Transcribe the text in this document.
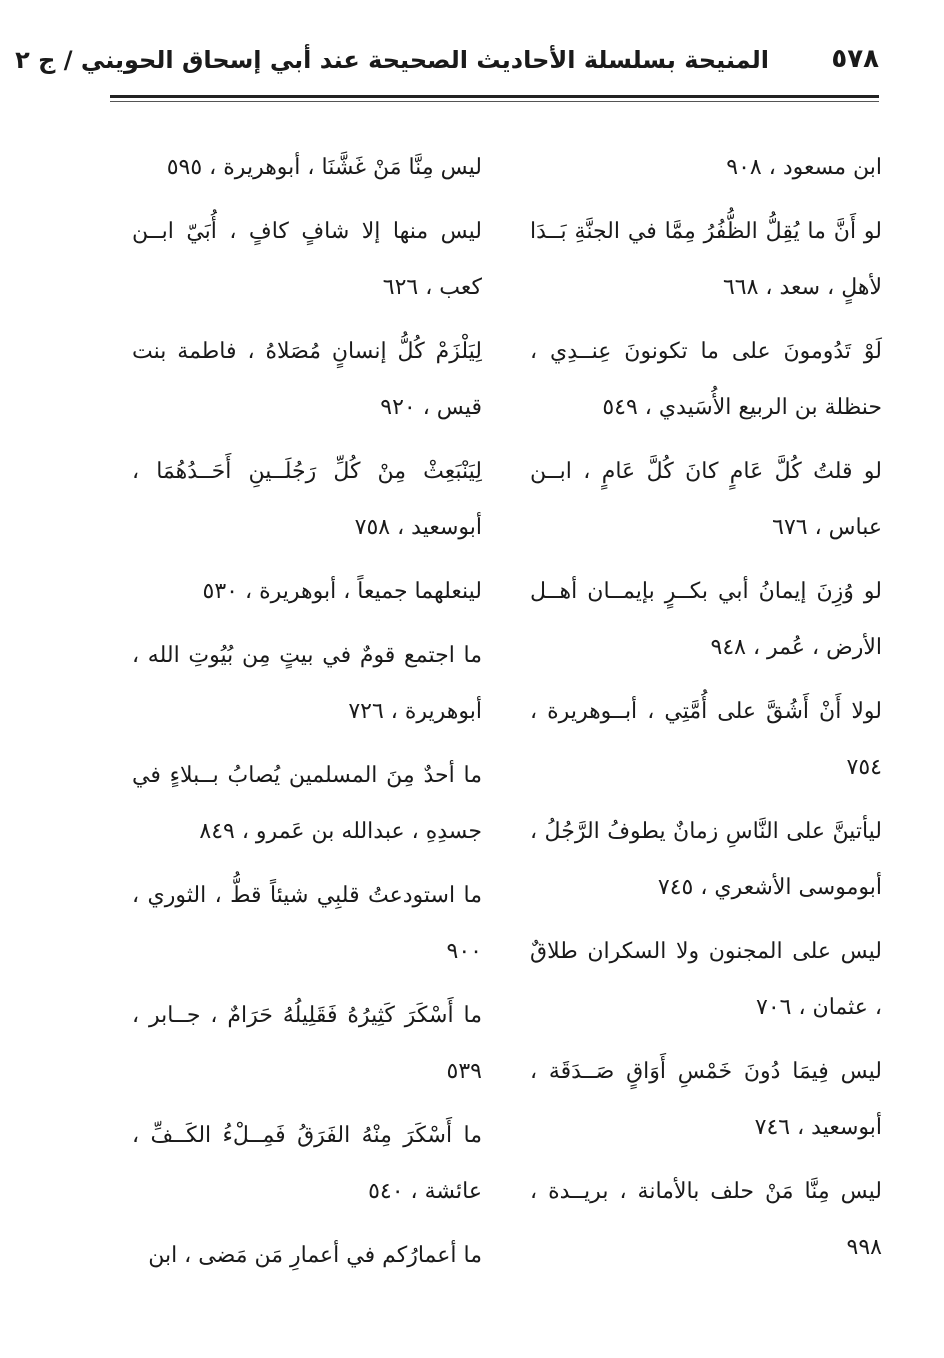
٥٧٨
المنيحة بسلسلة الأحاديث الصحيحة عند أبي إسحاق الحويني / ج ٢

ابن مسعود ، ٩٠٨

لو أَنَّ ما يُقِلُّ الظُّفُرُ مِمَّا في الجنَّةِ بَــدَا لأهلٍ ، سعد ، ٦٦٨

لَوْ تَدُومونَ على ما تكونونَ عِنــدِي ، حنظلة بن الربيع الأُسَيدي ، ٥٤٩

لو قلتُ كُلَّ عَامٍ كانَ كُلَّ عَامٍ ، ابــن عباس ، ٦٧٦

لو وُزِنَ إيمانُ أبي بكــرٍ بإيمــان أهــل الأرض ، عُمر ، ٩٤٨

لولا أَنْ أَشُقَّ على أُمَّتِي ، أبــوهريرة ، ٧٥٤

ليأتينَّ على النَّاسِ زمانٌ يطوفُ الرَّجُلُ ، أبوموسى الأشعري ، ٧٤٥

ليس على المجنون ولا السكران طلاقٌ ، عثمان ، ٧٠٦

ليس فِيمَا دُونَ خَمْسِ أَوَاقٍ صَــدَقَة ، أبوسعيد ، ٧٤٦

ليس مِنَّا مَنْ حلف بالأمانة ، بريــدة ، ٩٩٨

ليس مِنَّا مَنْ غَشَّنَا ، أبوهريرة ، ٥٩٥

ليس منها إلا شافٍ كافٍ ، أُبَيّ ابــن كعب ، ٦٢٦

لِيَلْزَمْ كُلُّ إنسانٍ مُصَلاهُ ، فاطمة بنت قيس ، ٩٢٠

لِيَنْبَعِثْ مِنْ كُلِّ رَجُلَــينِ أَحَــدُهُمَا ، أبوسعيد ، ٧٥٨

لينعلهما جميعاً ، أبوهريرة ، ٥٣٠

ما اجتمع قومٌ في بيتٍ مِن بُيُوتِ الله ، أبوهريرة ، ٧٢٦

ما أحدٌ مِنَ المسلمين يُصابُ بــبلاءٍ في جسدِهِ ، عبدالله بن عَمرو ، ٨٤٩

ما استودعتُ قلبِي شيئاً قطُّ ، الثوري ، ٩٠٠

ما أَسْكَرَ كَثِيرُهُ فَقَلِيلُهُ حَرَامٌ ، جــابر ، ٥٣٩

ما أَسْكَرَ مِنْهُ الفَرَقُ فَمِــلْءُ الكَــفِّ ، عائشة ، ٥٤٠

ما أعمارُكم في أعمارِ مَن مَضى ، ابن
